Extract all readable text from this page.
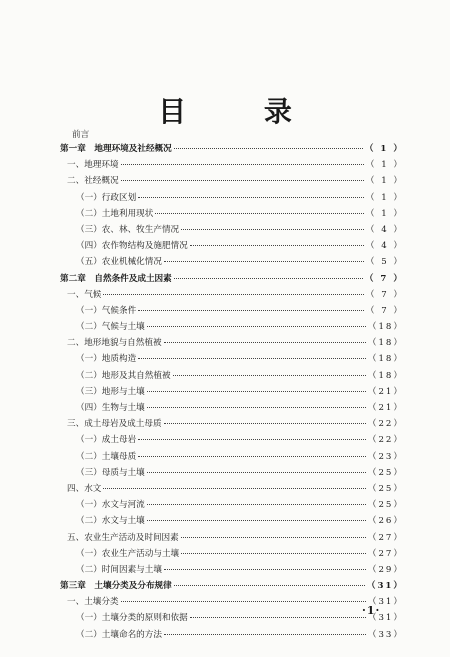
目 录
前言
第一章　地理环境及社经概况	（ 1 ）
一、地理环境	（ 1 ）
二、社经概况	（ 1 ）
（一）行政区划	（ 1 ）
（二）土地利用现状	（ 1 ）
（三）农、林、牧生产情况	（ 4 ）
（四）农作物结构及施肥情况	（ 4 ）
（五）农业机械化情况	（ 5 ）
第二章　自然条件及成土因素	（ 7 ）
一、气候	（ 7 ）
（一）气候条件	（ 7 ）
（二）气候与土壤	（18）
二、地形地貌与自然植被	（18）
（一）地质构造	（18）
（二）地形及其自然植被	（18）
（三）地形与土壤	（21）
（四）生物与土壤	（21）
三、成土母岩及成土母质	（22）
（一）成土母岩	（22）
（二）土壤母质	（23）
（三）母质与土壤	（25）
四、水文	（25）
（一）水文与河流	（25）
（二）水文与土壤	（26）
五、农业生产活动及时间因素	（27）
（一）农业生产活动与土壤	（27）
（二）时间因素与土壤	（29）
第三章　土壤分类及分布规律	（31）
一、土壤分类	（31）
（一）土壤分类的原则和依据	（31）
（二）土壤命名的方法	（33）
·1·
